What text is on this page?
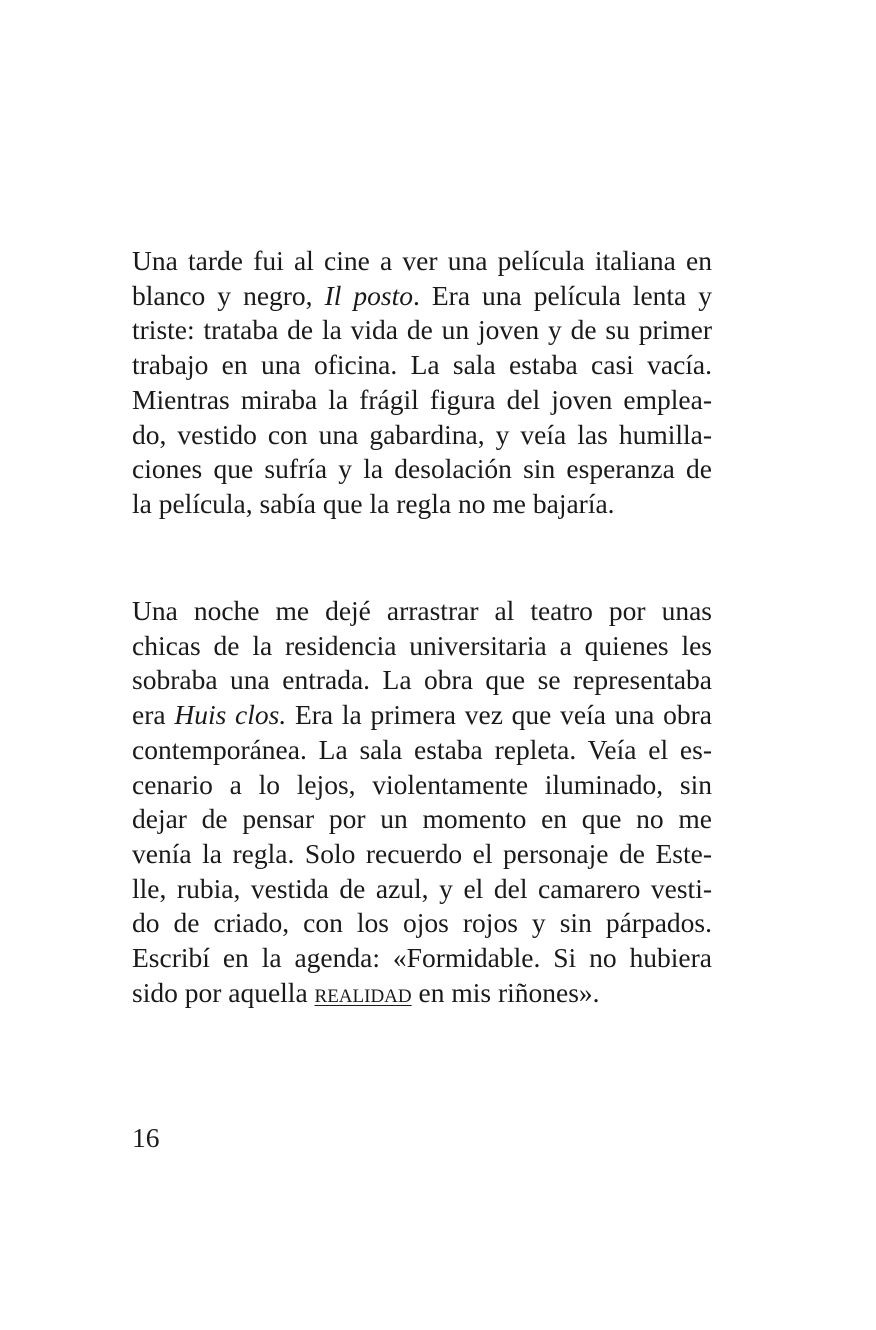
Una tarde fui al cine a ver una película italiana en
blanco y negro, Il posto. Era una película lenta y
triste: trataba de la vida de un joven y de su primer
trabajo en una oficina. La sala estaba casi vacía.
Mientras miraba la frágil figura del joven emplea-
do, vestido con una gabardina, y veía las humilla-
ciones que sufría y la desolación sin esperanza de
la película, sabía que la regla no me bajaría.
Una noche me dejé arrastrar al teatro por unas
chicas de la residencia universitaria a quienes les
sobraba una entrada. La obra que se representaba
era Huis clos. Era la primera vez que veía una obra
contemporánea. La sala estaba repleta. Veía el es-
cenario a lo lejos, violentamente iluminado, sin
dejar de pensar por un momento en que no me
venía la regla. Solo recuerdo el personaje de Este-
lle, rubia, vestida de azul, y el del camarero vesti-
do de criado, con los ojos rojos y sin párpados.
Escribí en la agenda: «Formidable. Si no hubiera
sido por aquella realidad en mis riñones».
16
